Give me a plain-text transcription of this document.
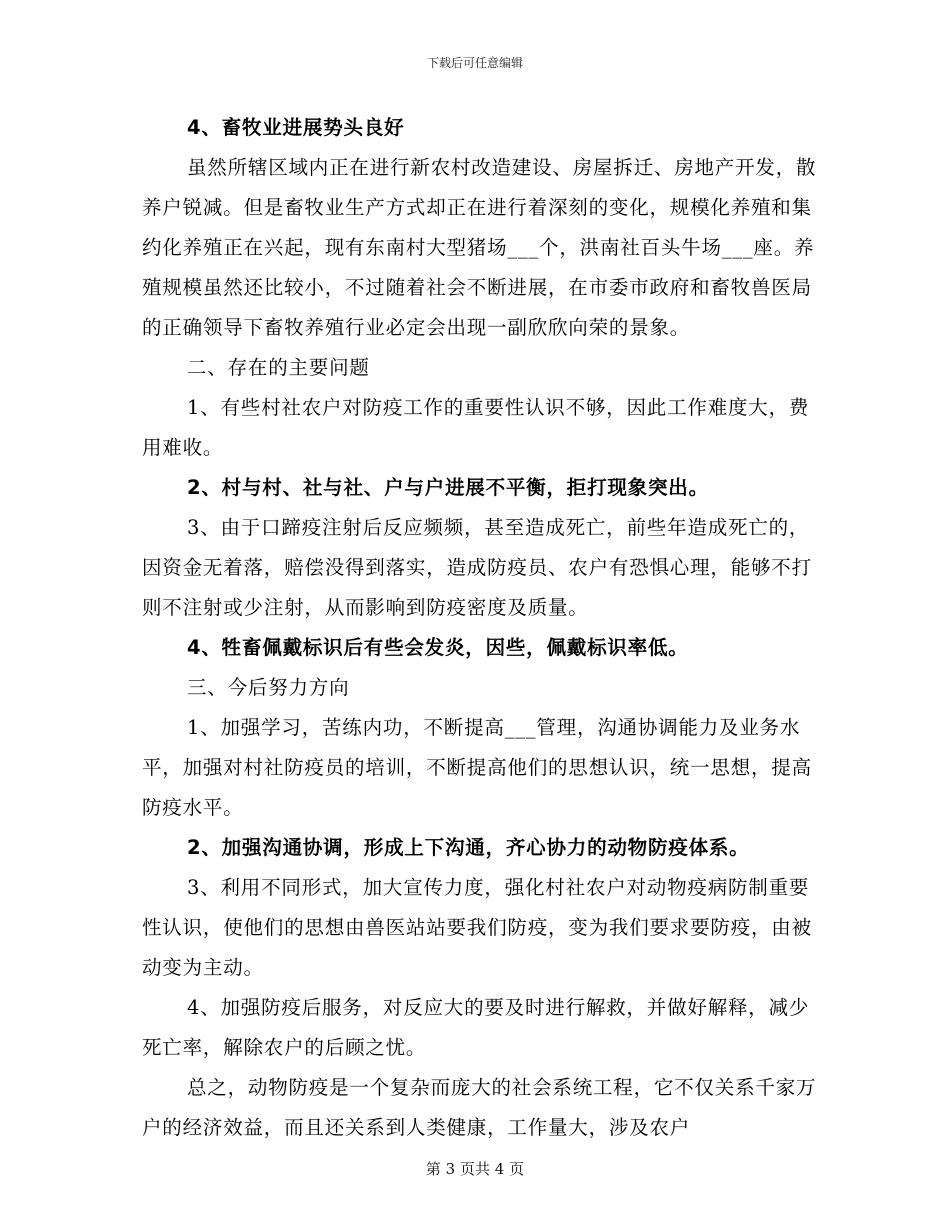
下载后可任意编辑

4、畜牧业进展势头良好

虽然所辖区域内正在进行新农村改造建设、房屋拆迁、房地产开发，散养户锐减。但是畜牧业生产方式却正在进行着深刻的变化，规模化养殖和集约化养殖正在兴起，现有东南村大型猪场___个，洪南社百头牛场___座。养殖规模虽然还比较小，不过随着社会不断进展，在市委市政府和畜牧兽医局的正确领导下畜牧养殖行业必定会出现一副欣欣向荣的景象。

二、存在的主要问题

1、有些村社农户对防疫工作的重要性认识不够，因此工作难度大，费用难收。

2、村与村、社与社、户与户进展不平衡，拒打现象突出。

3、由于口蹄疫注射后反应频频，甚至造成死亡，前些年造成死亡的，因资金无着落，赔偿没得到落实，造成防疫员、农户有恐惧心理，能够不打则不注射或少注射，从而影响到防疫密度及质量。

4、牲畜佩戴标识后有些会发炎，因些，佩戴标识率低。

三、今后努力方向

1、加强学习，苦练内功，不断提高___管理，沟通协调能力及业务水平，加强对村社防疫员的培训，不断提高他们的思想认识，统一思想，提高防疫水平。

2、加强沟通协调，形成上下沟通，齐心协力的动物防疫体系。

3、利用不同形式，加大宣传力度，强化村社农户对动物疫病防制重要性认识，使他们的思想由兽医站站要我们防疫，变为我们要求要防疫，由被动变为主动。

4、加强防疫后服务，对反应大的要及时进行解救，并做好解释，减少死亡率，解除农户的后顾之忧。

总之，动物防疫是一个复杂而庞大的社会系统工程，它不仅关系千家万户的经济效益，而且还关系到人类健康，工作量大，涉及农户

第 3 页共 4 页
